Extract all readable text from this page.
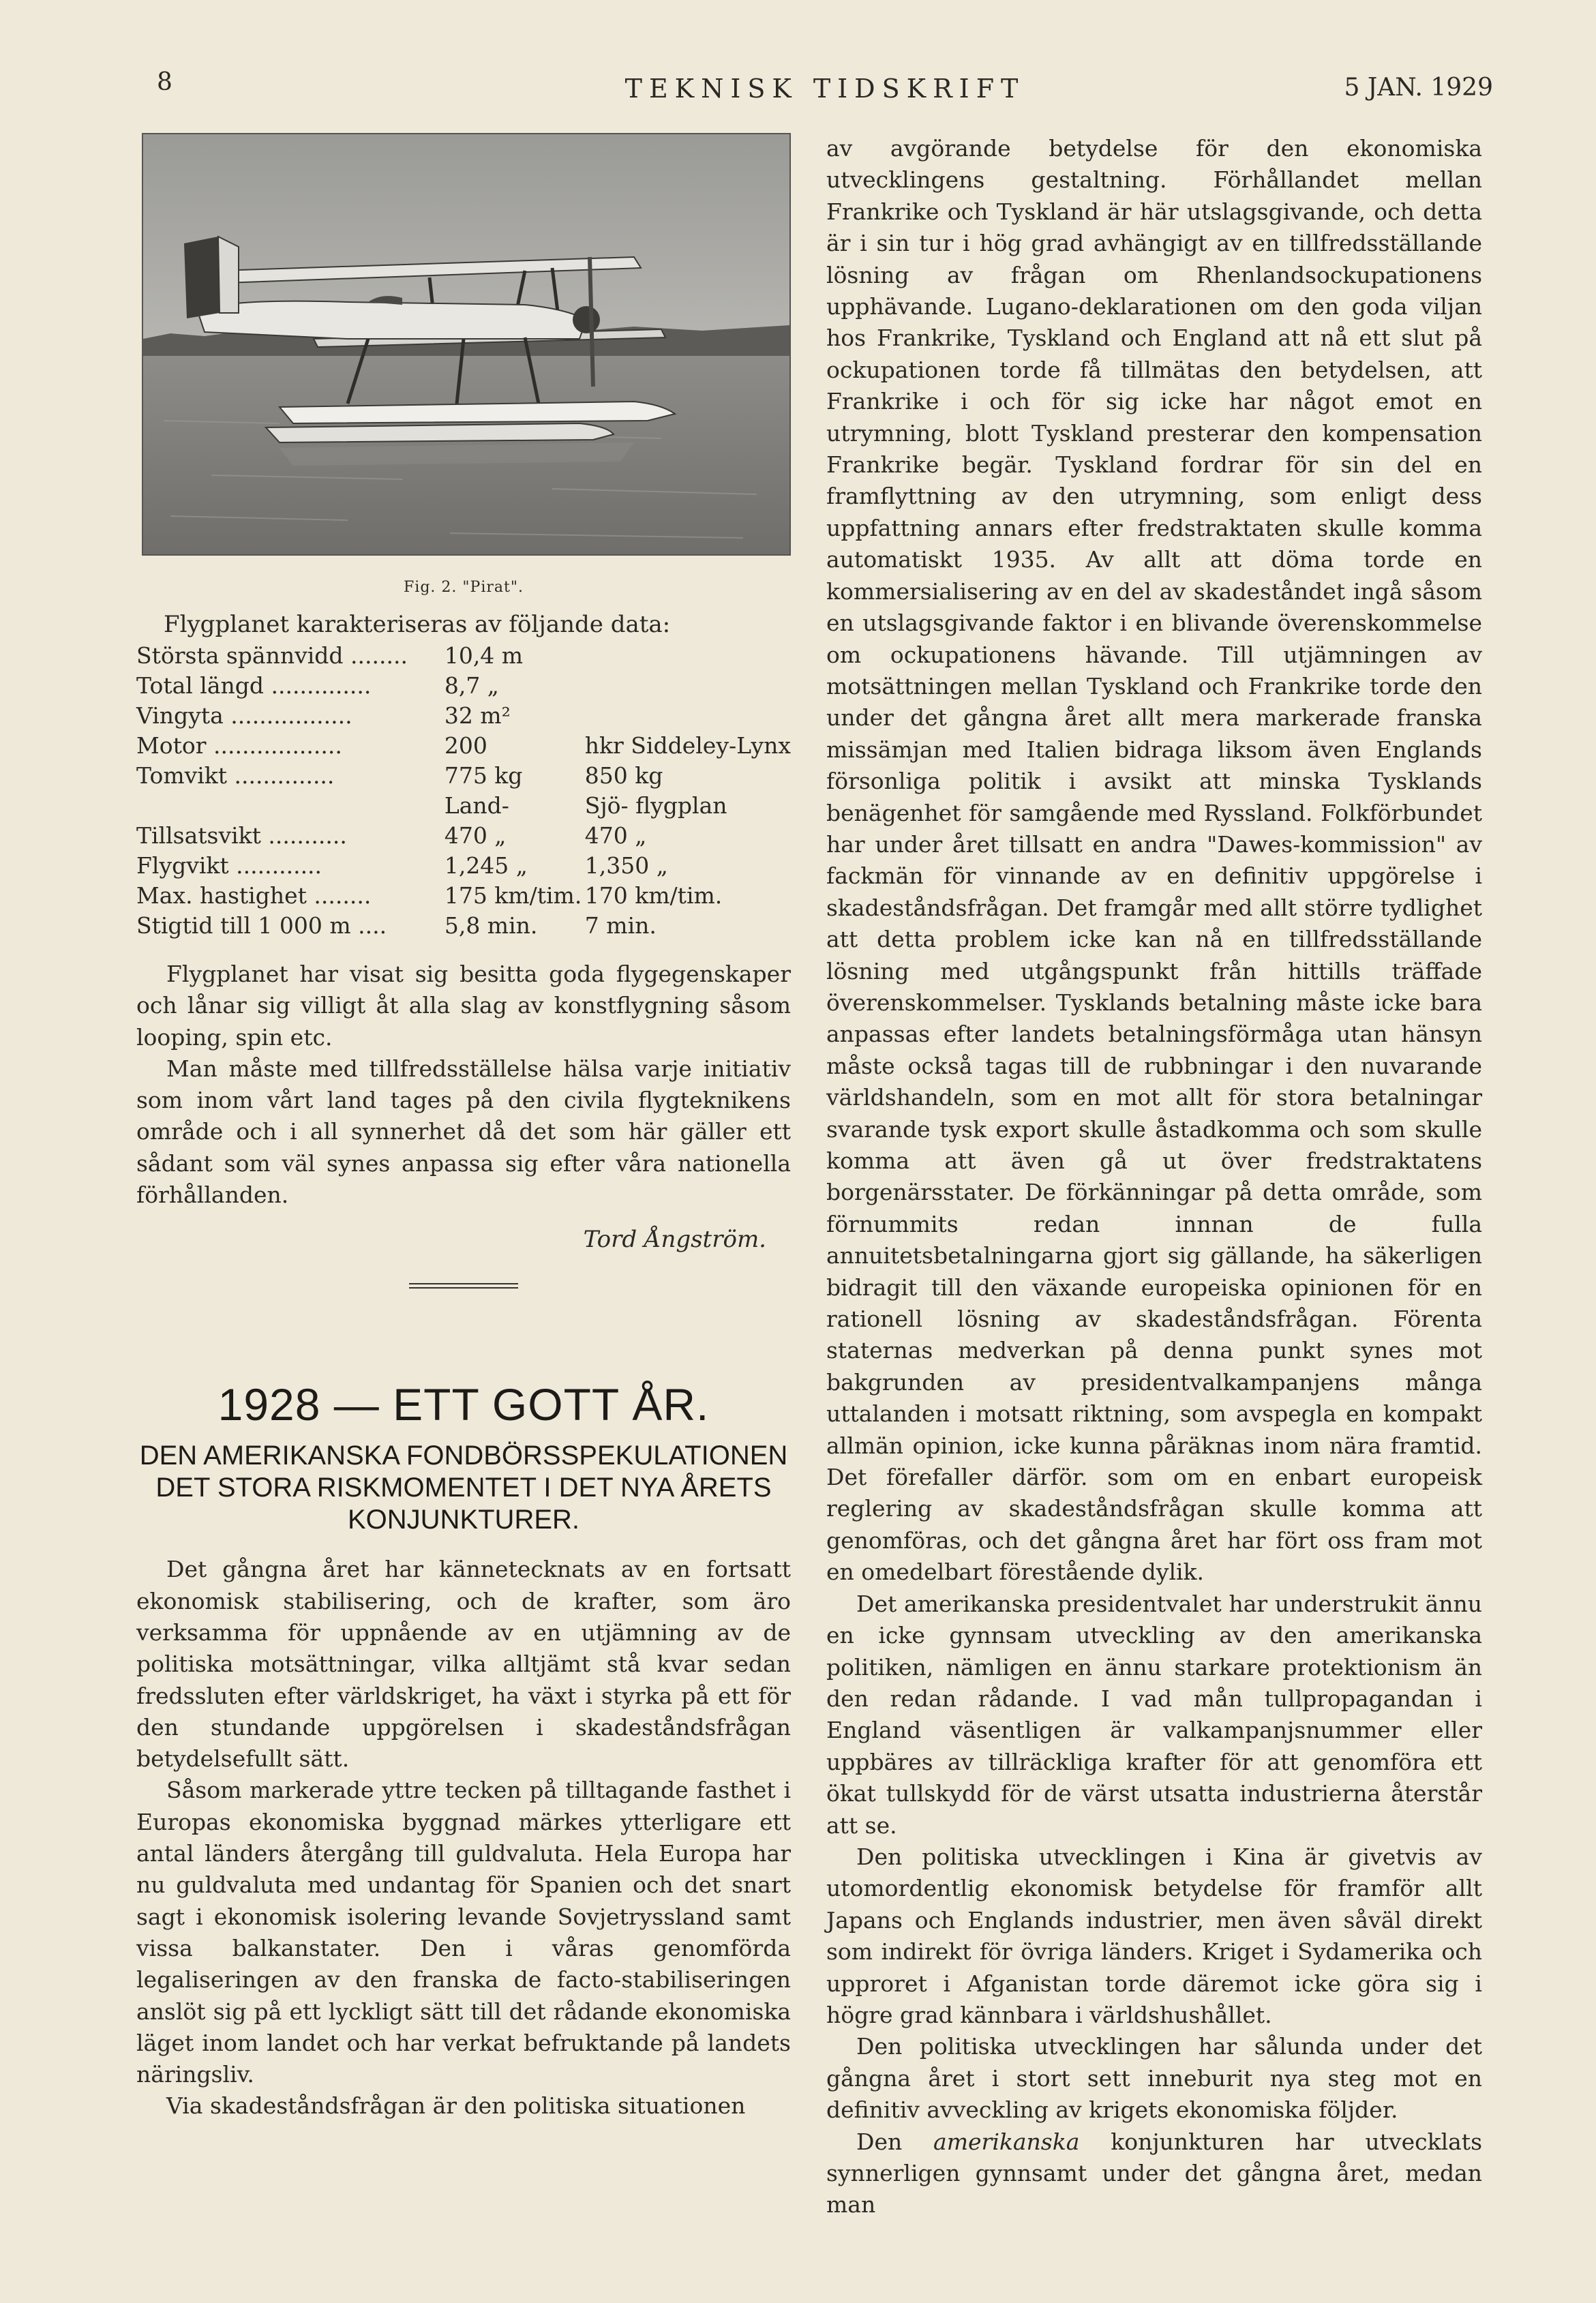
8	TEKNISK TIDSKRIFT	5 JAN. 1929
Fig. 2. "Pirat".
Flygplanet karakteriseras av följande data:
Största spännvidd ........	10,4 m	
Total längd ..............	8,7 „	
Vingyta .................	32 m²	
Motor ..................	200	hkr Siddeley-Lynx
Tomvikt ..............	775 kg	850 kg
	Land-	Sjö- flygplan
Tillsatsvikt ...........	470 „	470 „
Flygvikt ............	1,245 „	1,350 „
Max. hastighet ........	175 km/tim.	170 km/tim.
Stigtid till 1 000 m ....	5,8 min.	7 min.

Flygplanet har visat sig besitta goda flygegenskaper och lånar sig villigt åt alla slag av konstflygning såsom looping, spin etc.

Man måste med tillfredsställelse hälsa varje initiativ som inom vårt land tages på den civila flygteknikens område och i all synnerhet då det som här gäller ett sådant som väl synes anpassa sig efter våra nationella förhållanden.

Tord Ångström.
1928 — ETT GOTT ÅR.
DEN AMERIKANSKA FONDBÖRSSPEKULATIONEN DET STORA RISKMOMENTET I DET NYA ÅRETS KONJUNKTURER.

Det gångna året har kännetecknats av en fortsatt ekonomisk stabilisering, och de krafter, som äro verksamma för uppnående av en utjämning av de politiska motsättningar, vilka alltjämt stå kvar sedan fredssluten efter världskriget, ha växt i styrka på ett för den stundande uppgörelsen i skadeståndsfrågan betydelsefullt sätt.

Såsom markerade yttre tecken på tilltagande fasthet i Europas ekonomiska byggnad märkes ytterligare ett antal länders återgång till guldvaluta. Hela Europa har nu guldvaluta med undantag för Spanien och det snart sagt i ekonomisk isolering levande Sovjetrysslаnd samt vissa balkanstater. Den i våras genomförda legaliseringen av den franska de facto-stabiliseringen anslöt sig på ett lyckligt sätt till det rådande ekonomiska läget inom landet och har verkat befruktande på landets näringsliv.

Via skadeståndsfrågan är den politiska situationen

av avgörande betydelse för den ekonomiska utvecklingens gestaltning. Förhållandet mellan Frankrike och Tyskland är här utslagsgivande, och detta är i sin tur i hög grad avhängigt av en tillfredsställande lösning av frågan om Rhenlandsockupationens upphävande. Lugano-deklarationen om den goda viljan hos Frankrike, Tyskland och England att nå ett slut på ockupationen torde få tillmätas den betydelsen, att Frankrike i och för sig icke har något emot en utrymning, blott Tyskland presterar den kompensation Frankrike begär. Tyskland fordrar för sin del en framflyttning av den utrymning, som enligt dess uppfattning annars efter fredstraktaten skulle komma automatiskt 1935. Av allt att döma torde en kommersialisering av en del av skadeståndet ingå såsom en utslagsgivande faktor i en blivande överenskommelse om ockupationens hävande. Till utjämningen av motsättningen mellan Tyskland och Frankrike torde den under det gångna året allt mera markerade franska missämjan med Italien bidraga liksom även Englands försonliga politik i avsikt att minska Tysklands benägenhet för samgående med Ryssland. Folkförbundet har under året tillsatt en andra "Dawes-kommission" av fackmän för vinnande av en definitiv uppgörelse i skadeståndsfrågan. Det framgår med allt större tydlighet att detta problem icke kan nå en tillfredsställande lösning med utgångspunkt från hittills träffade överenskommelser. Tysklands betalning måste icke bara anpassas efter landets betalningsförmåga utan hänsyn måste också tagas till de rubbningar i den nuvarande världshandeln, som en mot allt för stora betalningar svarande tysk export skulle åstadkomma och som skulle komma att även gå ut över fredstraktatens borgenärsstater. De förkänningar på detta område, som förnummits redan innnan de fulla annuitetsbetalningarna gjort sig gällande, ha säkerligen bidragit till den växande europeiska opinionen för en rationell lösning av skadeståndsfrågan. Förenta staternas medverkan på denna punkt synes mot bakgrunden av presidentvalkampanjens många uttalanden i motsatt riktning, som avspegla en kompakt allmän opinion, icke kunna påräknas inom nära framtid. Det förefaller därför. som om en enbart europeisk reglering av skadeståndsfrågan skulle komma att genomföras, och det gångna året har fört oss fram mot en omedelbart förestående dylik.

Det amerikanska presidentvalet har understrukit ännu en icke gynnsam utveckling av den amerikanska politiken, nämligen en ännu starkare protektionism än den redan rådande. I vad mån tullpropagandan i England väsentligen är valkampanjsnummer eller uppbäres av tillräckliga krafter för att genomföra ett ökat tullskydd för de värst utsatta industrierna återstår att se.

Den politiska utvecklingen i Kina är givetvis av utomordentlig ekonomisk betydelse för framför allt Japans och Englands industrier, men även såväl direkt som indirekt för övriga länders. Kriget i Sydamerika och upproret i Afganistan torde däremot icke göra sig i högre grad kännbara i världshushållet.

Den politiska utvecklingen har sålunda under det gångna året i stort sett inneburit nya steg mot en definitiv avveckling av krigets ekonomiska följder.

Den amerikanska konjunkturen har utvecklats synnerligen gynnsamt under det gångna året, medan man
